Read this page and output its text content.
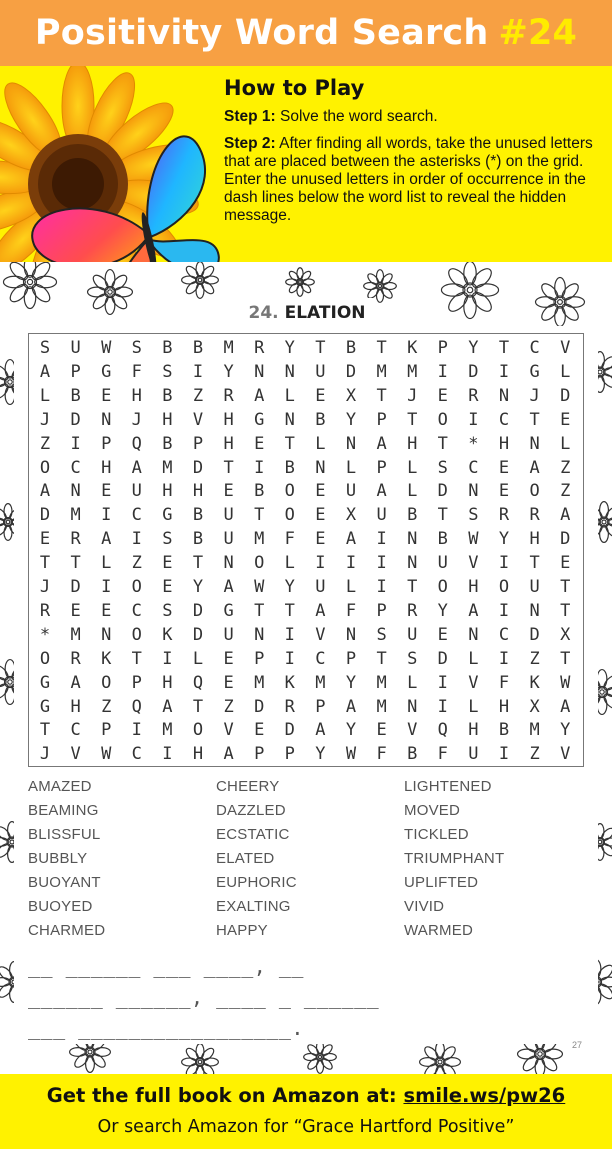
Positivity Word Search #24
How to Play

Step 1: Solve the word search.

Step 2: After finding all words, take the unused letters that are placed between the asterisks (*) on the grid. Enter the unused letters in order of occurrence in the dash lines below the word list to reveal the hidden message.

24. ELATION
S	U	W	S	B	B	M	R	Y	T	B	T	K	P	Y	T	C	V
A	P	G	F	S	I	Y	N	N	U	D	M	M	I	D	I	G	L
L	B	E	H	B	Z	R	A	L	E	X	T	J	E	R	N	J	D
J	D	N	J	H	V	H	G	N	B	Y	P	T	O	I	C	T	E
Z	I	P	Q	B	P	H	E	T	L	N	A	H	T	*	H	N	L
O	C	H	A	M	D	T	I	B	N	L	P	L	S	C	E	A	Z
A	N	E	U	H	H	E	B	O	E	U	A	L	D	N	E	O	Z
D	M	I	C	G	B	U	T	O	E	X	U	B	T	S	R	R	A
E	R	A	I	S	B	U	M	F	E	A	I	N	B	W	Y	H	D
T	T	L	Z	E	T	N	O	L	I	I	I	N	U	V	I	T	E
J	D	I	O	E	Y	A	W	Y	U	L	I	T	O	H	O	U	T
R	E	E	C	S	D	G	T	T	A	F	P	R	Y	A	I	N	T
*	M	N	O	K	D	U	N	I	V	N	S	U	E	N	C	D	X
O	R	K	T	I	L	E	P	I	C	P	T	S	D	L	I	Z	T
G	A	O	P	H	Q	E	M	K	M	Y	M	L	I	V	F	K	W
G	H	Z	Q	A	T	Z	D	R	P	A	M	N	I	L	H	X	A
T	C	P	I	M	O	V	E	D	A	Y	E	V	Q	H	B	M	Y
J	V	W	C	I	H	A	P	P	Y	W	F	B	F	U	I	Z	V
AMAZED
BEAMING
BLISSFUL
BUBBLY
BUOYANT
BUOYED
CHARMED
CHEERY
DAZZLED
ECSTATIC
ELATED
EUPHORIC
EXALTING
HAPPY
LIGHTENED
MOVED
TICKLED
TRIUMPHANT
UPLIFTED
VIVID
WARMED
__ ______ ___ ____, __
______ ______, ____ _ ______
___ _________________.
27
Get the full book on Amazon at: smile.ws/pw26
Or search Amazon for “Grace Hartford Positive”
